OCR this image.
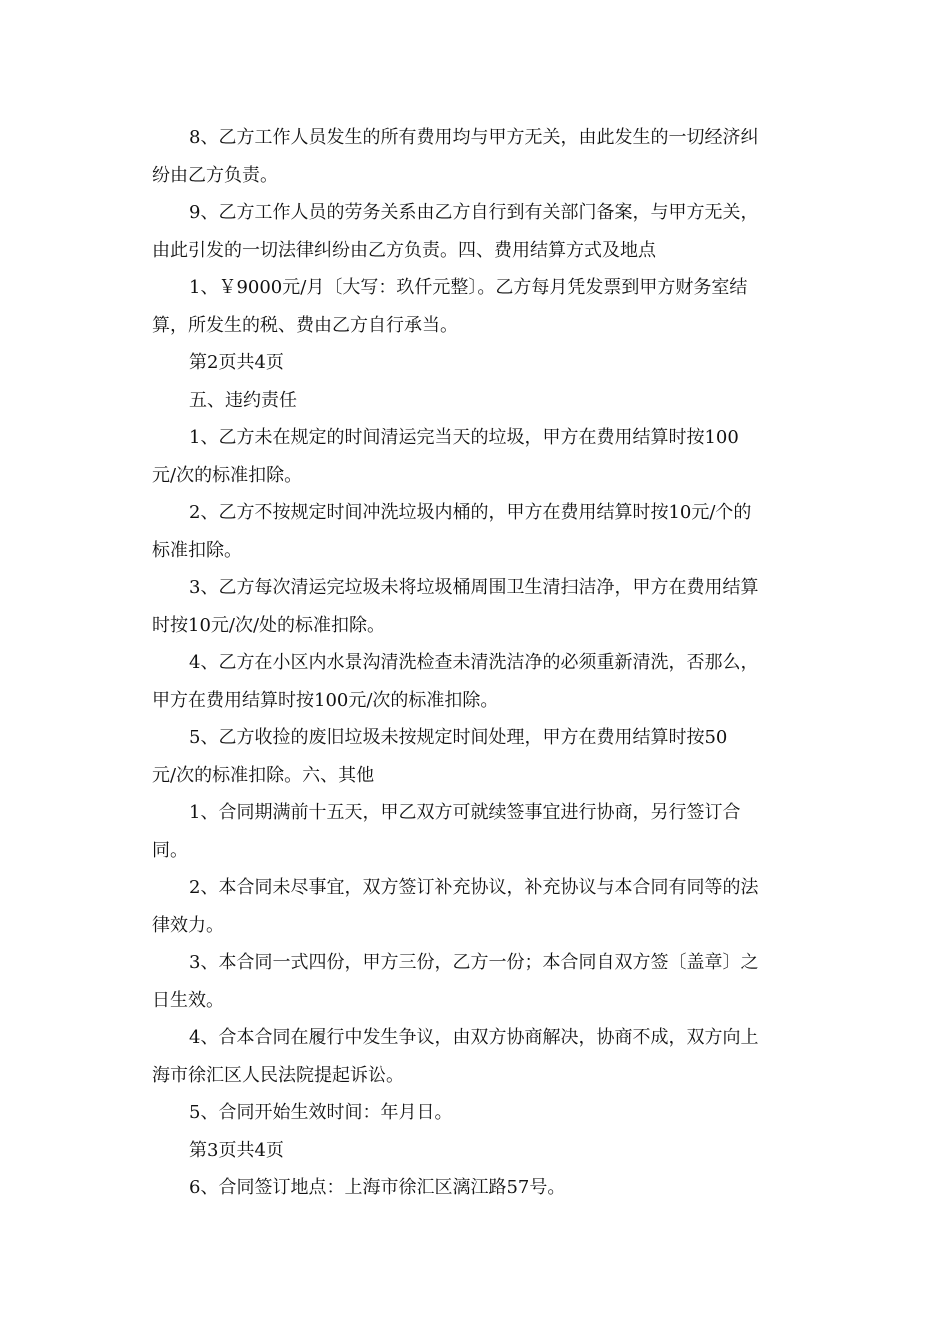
8、乙方工作人员发生的所有费用均与甲方无关，由此发生的一切经济纠
纷由乙方负责。

9、乙方工作人员的劳务关系由乙方自行到有关部门备案，与甲方无关，
由此引发的一切法律纠纷由乙方负责。四、费用结算方式及地点

1、￥9000元/月〔大写：玖仟元整〕。乙方每月凭发票到甲方财务室结
算，所发生的税、费由乙方自行承当。

第2页共4页

五、违约责任

1、乙方未在规定的时间清运完当天的垃圾，甲方在费用结算时按100
元/次的标准扣除。

2、乙方不按规定时间冲洗垃圾内桶的，甲方在费用结算时按10元/个的
标准扣除。

3、乙方每次清运完垃圾未将垃圾桶周围卫生清扫洁净，甲方在费用结算
时按10元/次/处的标准扣除。

4、乙方在小区内水景沟清洗检查未清洗洁净的必须重新清洗，否那么，
甲方在费用结算时按100元/次的标准扣除。

5、乙方收捡的废旧垃圾未按规定时间处理，甲方在费用结算时按50
元/次的标准扣除。六、其他

1、合同期满前十五天，甲乙双方可就续签事宜进行协商，另行签订合
同。

2、本合同未尽事宜，双方签订补充协议，补充协议与本合同有同等的法
律效力。

3、本合同一式四份，甲方三份，乙方一份；本合同自双方签〔盖章〕之
日生效。

4、合本合同在履行中发生争议，由双方协商解决，协商不成，双方向上
海市徐汇区人民法院提起诉讼。

5、合同开始生效时间：年月日。

第3页共4页

6、合同签订地点：上海市徐汇区漓江路57号。
